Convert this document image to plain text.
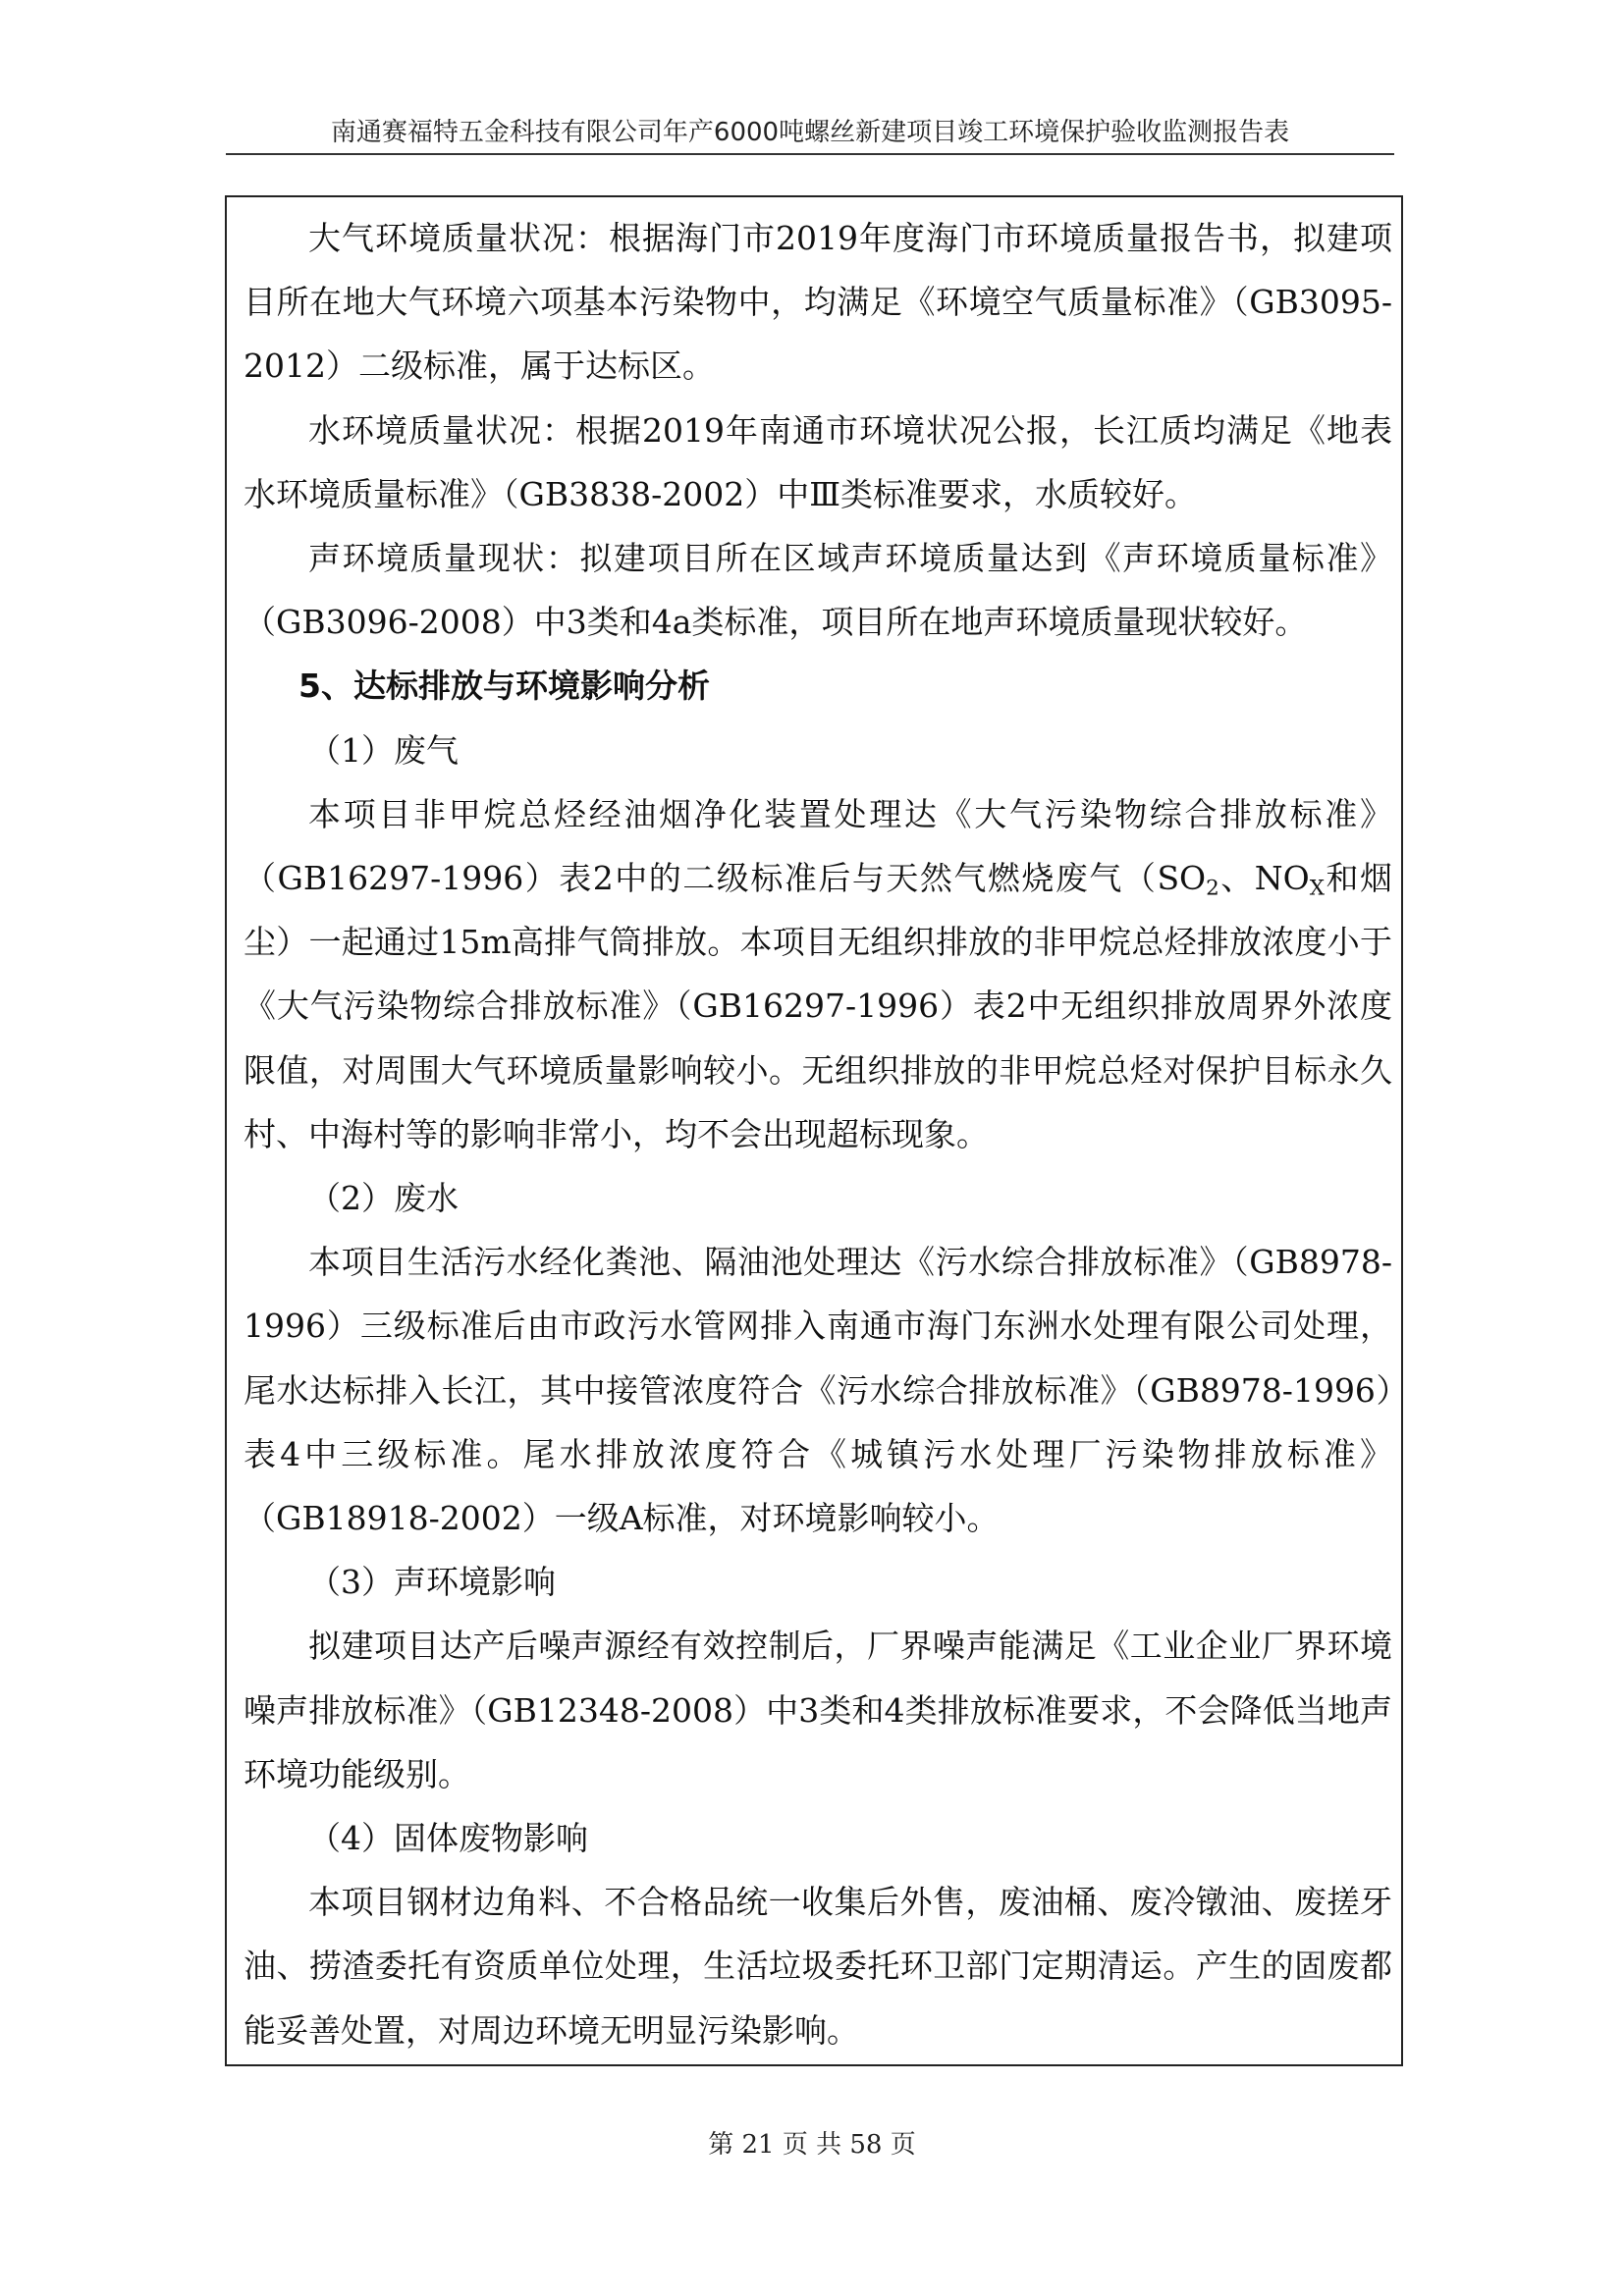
南通赛福特五金科技有限公司年产6000吨螺丝新建项目竣工环境保护验收监测报告表

大气环境质量状况：根据海门市2019年度海门市环境质量报告书，拟建项目所在地大气环境六项基本污染物中，均满足《环境空气质量标准》（GB3095-2012）二级标准，属于达标区。

水环境质量状况：根据2019年南通市环境状况公报，长江质均满足《地表水环境质量标准》（GB3838-2002）中Ⅲ类标准要求，水质较好。

声环境质量现状：拟建项目所在区域声环境质量达到《声环境质量标准》（GB3096-2008）中3类和4a类标准，项目所在地声环境质量现状较好。

5、达标排放与环境影响分析

（1）废气

本项目非甲烷总烃经油烟净化装置处理达《大气污染物综合排放标准》（GB16297-1996）表2中的二级标准后与天然气燃烧废气（$SO_2$、$NO_X$和烟尘）一起通过15m高排气筒排放。本项目无组织排放的非甲烷总烃排放浓度小于《大气污染物综合排放标准》（GB16297-1996）表2中无组织排放周界外浓度限值，对周围大气环境质量影响较小。无组织排放的非甲烷总烃对保护目标永久村、中海村等的影响非常小，均不会出现超标现象。

（2）废水

本项目生活污水经化粪池、隔油池处理达《污水综合排放标准》（GB8978-1996）三级标准后由市政污水管网排入南通市海门东洲水处理有限公司处理，尾水达标排入长江，其中接管浓度符合《污水综合排放标准》（GB8978-1996）表4中三级标准。尾水排放浓度符合《城镇污水处理厂污染物排放标准》（GB18918-2002）一级A标准，对环境影响较小。

（3）声环境影响

拟建项目达产后噪声源经有效控制后，厂界噪声能满足《工业企业厂界环境噪声排放标准》（GB12348-2008）中3类和4类排放标准要求，不会降低当地声环境功能级别。

（4）固体废物影响

本项目钢材边角料、不合格品统一收集后外售，废油桶、废冷镦油、废搓牙油、捞渣委托有资质单位处理，生活垃圾委托环卫部门定期清运。产生的固废都能妥善处置，对周边环境无明显污染影响。

第 21 页 共 58 页
